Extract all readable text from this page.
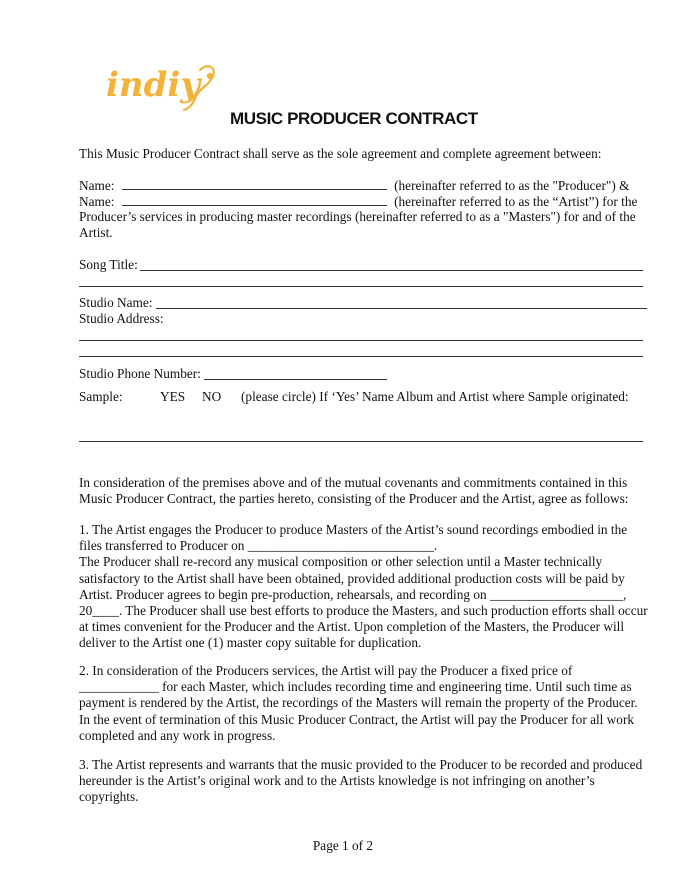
indiy
MUSIC PRODUCER CONTRACT
This Music Producer Contract shall serve as the sole agreement and complete agreement between:
Name:	(hereinafter referred to as the "Producer") &
Name:	(hereinafter referred to as the “Artist”) for the
Producer’s services in producing master recordings (hereinafter referred to as a "Masters") for and of the Artist.
Song Title:
Studio Name:
Studio Address:
Studio Phone Number:
Sample:	YES NO (please circle) If ‘Yes’ Name Album and Artist where Sample originated:
In consideration of the premises above and of the mutual covenants and commitments contained in this Music Producer Contract, the parties hereto, consisting of the Producer and the Artist, agree as follows:
1. The Artist engages the Producer to produce Masters of the Artist’s sound recordings embodied in the files transferred to Producer on ____________________________.
The Producer shall re-record any musical composition or other selection until a Master technically satisfactory to the Artist shall have been obtained, provided additional production costs will be paid by Artist. Producer agrees to begin pre-production, rehearsals, and recording on ____________________, 20____. The Producer shall use best efforts to produce the Masters, and such production efforts shall occur at times convenient for the Producer and the Artist. Upon completion of the Masters, the Producer will deliver to the Artist one (1) master copy suitable for duplication.
2. In consideration of the Producers services, the Artist will pay the Producer a fixed price of ____________ for each Master, which includes recording time and engineering time. Until such time as payment is rendered by the Artist, the recordings of the Masters will remain the property of the Producer. In the event of termination of this Music Producer Contract, the Artist will pay the Producer for all work completed and any work in progress.
3. The Artist represents and warrants that the music provided to the Producer to be recorded and produced hereunder is the Artist’s original work and to the Artists knowledge is not infringing on another’s copyrights.
Page 1 of 2
